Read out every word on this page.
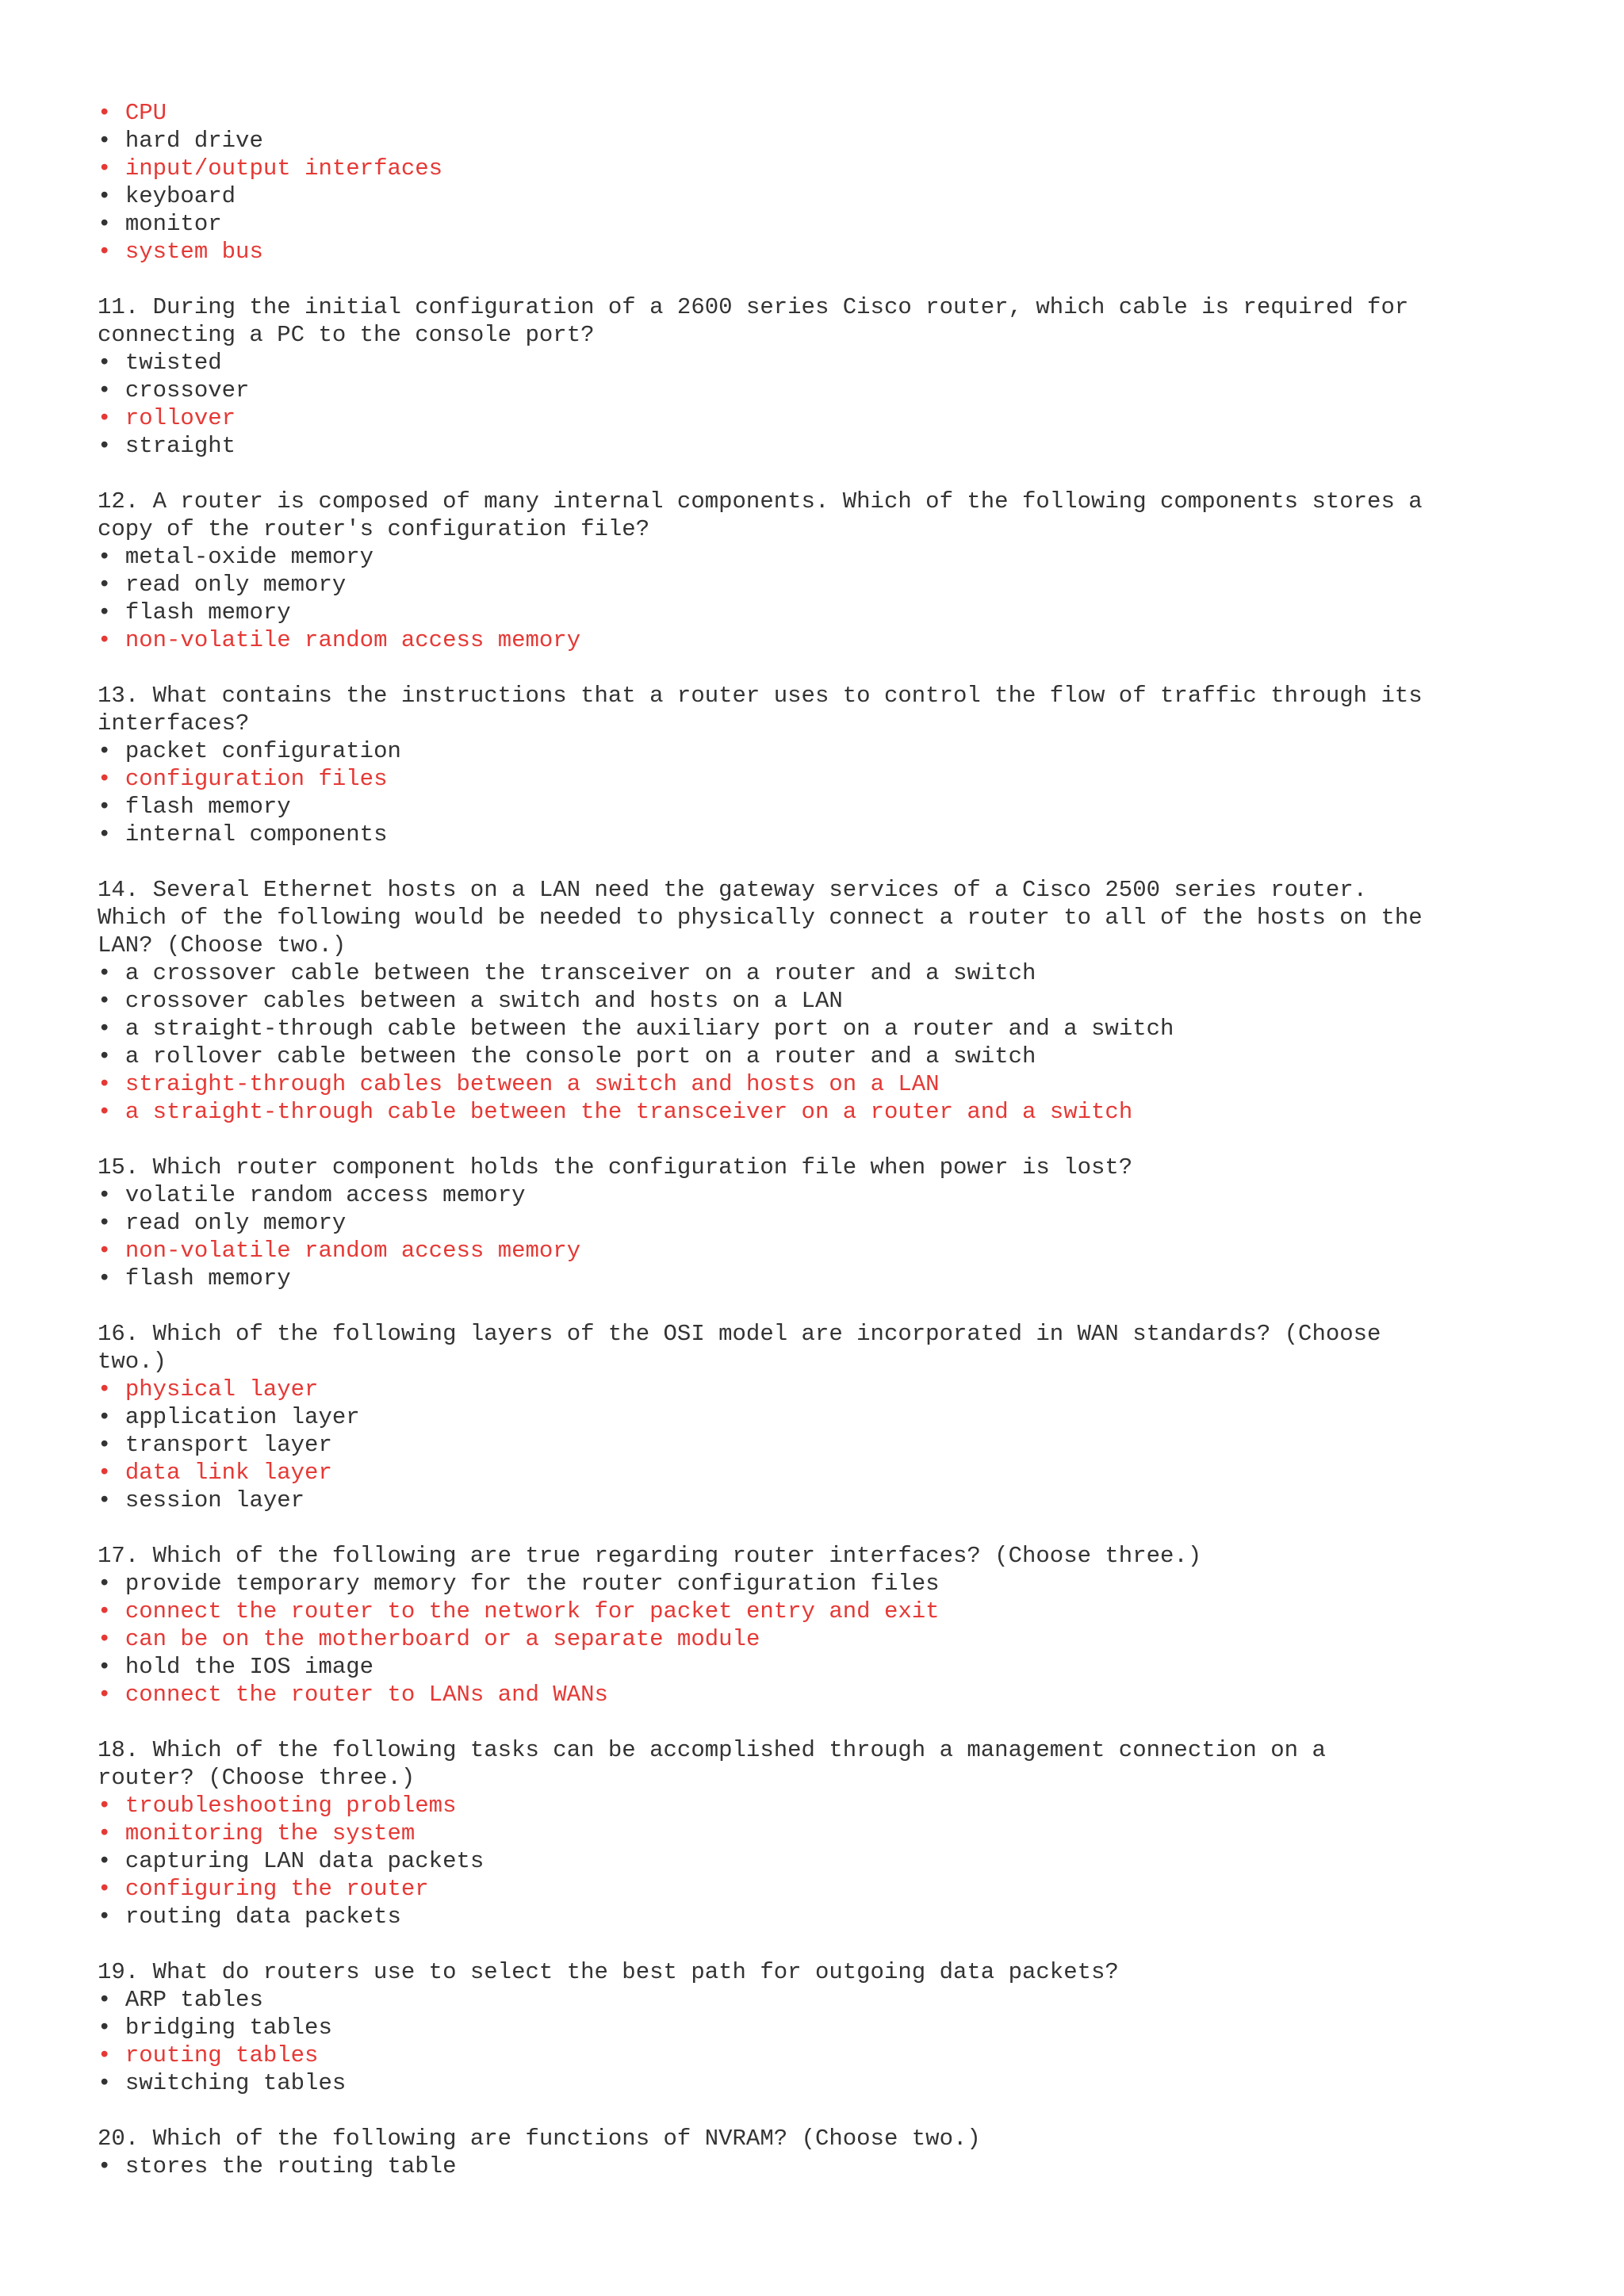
• CPU
• hard drive
• input/output interfaces
• keyboard
• monitor
• system bus
11. During the initial configuration of a 2600 series Cisco router, which cable is required for
connecting a PC to the console port?
• twisted
• crossover
• rollover
• straight
12. A router is composed of many internal components. Which of the following components stores a
copy of the router's configuration file?
• metal-oxide memory
• read only memory
• flash memory
• non-volatile random access memory
13. What contains the instructions that a router uses to control the flow of traffic through its
interfaces?
• packet configuration
• configuration files
• flash memory
• internal components
14. Several Ethernet hosts on a LAN need the gateway services of a Cisco 2500 series router.
Which of the following would be needed to physically connect a router to all of the hosts on the
LAN? (Choose two.)
• a crossover cable between the transceiver on a router and a switch
• crossover cables between a switch and hosts on a LAN
• a straight-through cable between the auxiliary port on a router and a switch
• a rollover cable between the console port on a router and a switch
• straight-through cables between a switch and hosts on a LAN
• a straight-through cable between the transceiver on a router and a switch
15. Which router component holds the configuration file when power is lost?
• volatile random access memory
• read only memory
• non-volatile random access memory
• flash memory
16. Which of the following layers of the OSI model are incorporated in WAN standards? (Choose
two.)
• physical layer
• application layer
• transport layer
• data link layer
• session layer
17. Which of the following are true regarding router interfaces? (Choose three.)
• provide temporary memory for the router configuration files
• connect the router to the network for packet entry and exit
• can be on the motherboard or a separate module
• hold the IOS image
• connect the router to LANs and WANs
18. Which of the following tasks can be accomplished through a management connection on a
router? (Choose three.)
• troubleshooting problems
• monitoring the system
• capturing LAN data packets
• configuring the router
• routing data packets
19. What do routers use to select the best path for outgoing data packets?
• ARP tables
• bridging tables
• routing tables
• switching tables
20. Which of the following are functions of NVRAM? (Choose two.)
• stores the routing table
